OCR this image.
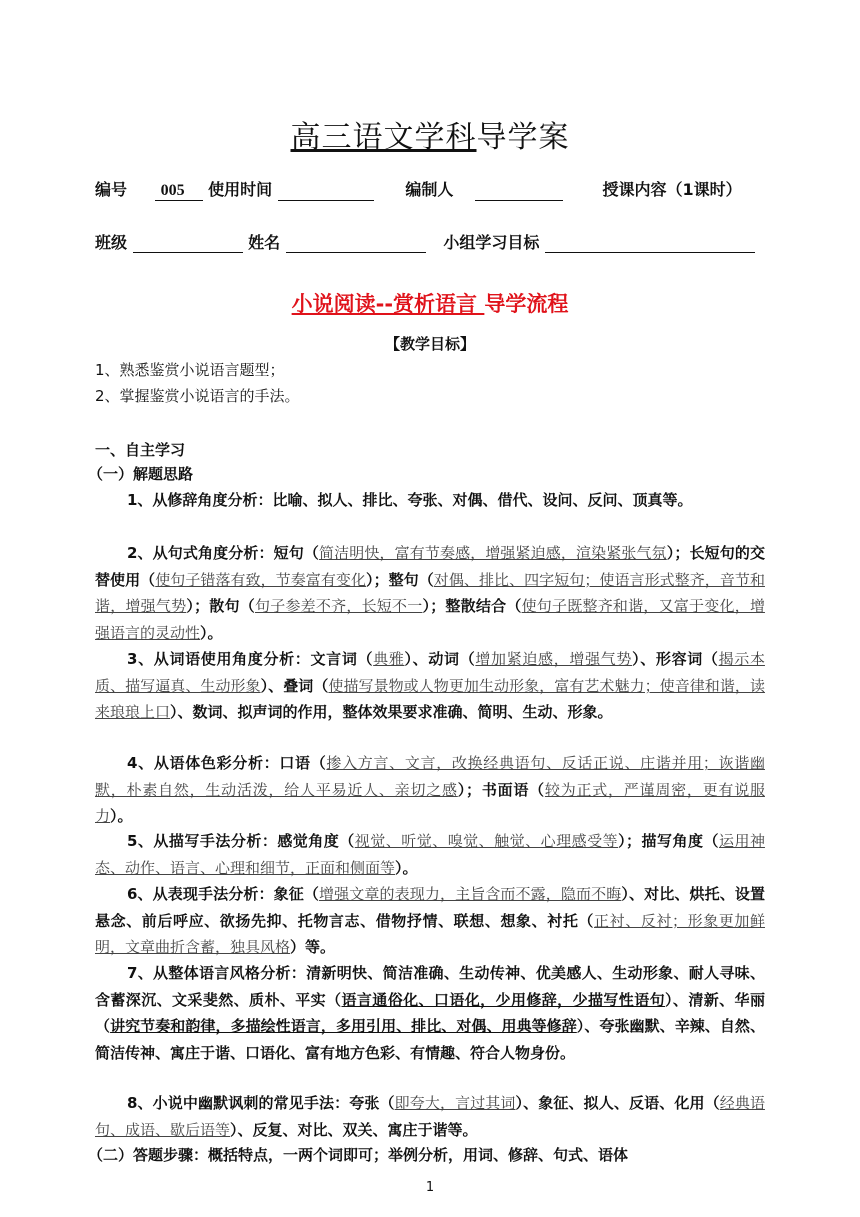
高三语文学科导学案
编号 005 使用时间	编制人	授课内容（1课时）
班级	姓名	小组学习目标
小说阅读--赏析语言 导学流程
【教学目标】
1、熟悉鉴赏小说语言题型；
2、掌握鉴赏小说语言的手法。
一、自主学习
（一）解题思路

1、从修辞角度分析：比喻、拟人、排比、夸张、对偶、借代、设问、反问、顶真等。

2、从句式角度分析：短句（简洁明快，富有节奏感，增强紧迫感，渲染紧张气氛）；长短句的交替使用（使句子错落有致，节奏富有变化）；整句（对偶、排比、四字短句；使语言形式整齐，音节和谐，增强气势）；散句（句子参差不齐，长短不一）；整散结合（使句子既整齐和谐，又富于变化，增强语言的灵动性）。

3、从词语使用角度分析：文言词（典雅）、动词（增加紧迫感，增强气势）、形容词（揭示本质、描写逼真、生动形象）、叠词（使描写景物或人物更加生动形象，富有艺术魅力；使音律和谐，读来琅琅上口）、数词、拟声词的作用，整体效果要求准确、简明、生动、形象。

4、从语体色彩分析：口语（掺入方言、文言，改换经典语句、反话正说、庄谐并用；诙谐幽默，朴素自然，生动活泼，给人平易近人、亲切之感）；书面语（较为正式，严谨周密，更有说服力）。

5、从描写手法分析：感觉角度（视觉、听觉、嗅觉、触觉、心理感受等）；描写角度（运用神态、动作、语言、心理和细节，正面和侧面等）。

6、从表现手法分析：象征（增强文章的表现力，主旨含而不露，隐而不晦）、对比、烘托、设置悬念、前后呼应、欲扬先抑、托物言志、借物抒情、联想、想象、衬托（正衬、反衬；形象更加鲜明，文章曲折含蓄，独具风格）等。

7、从整体语言风格分析：清新明快、简洁准确、生动传神、优美感人、生动形象、耐人寻味、含蓄深沉、文采斐然、质朴、平实（语言通俗化、口语化，少用修辞，少描写性语句）、清新、华丽（讲究节奏和韵律，多描绘性语言，多用引用、排比、对偶、用典等修辞）、夸张幽默、辛辣、自然、简洁传神、寓庄于谐、口语化、富有地方色彩、有情趣、符合人物身份。

8、小说中幽默讽刺的常见手法：夸张（即夸大，言过其词）、象征、拟人、反语、化用（经典语句、成语、歇后语等）、反复、对比、双关、寓庄于谐等。

（二）答题步骤：概括特点，一两个词即可；举例分析，用词、修辞、句式、语体

1
